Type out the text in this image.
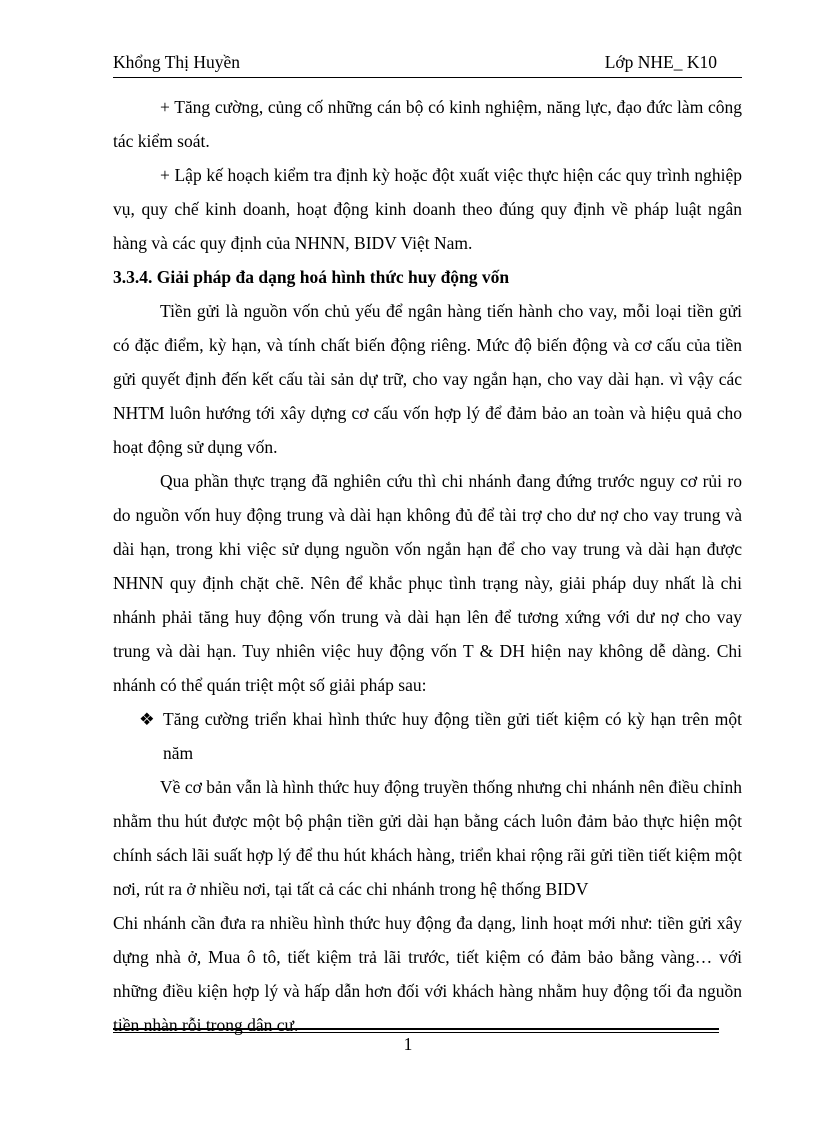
Khổng Thị Huyền	Lớp NHE_ K10

+ Tăng cường, củng cố những cán bộ có kinh nghiệm, năng lực, đạo đức làm công tác kiểm soát.

+ Lập kế hoạch kiểm tra định kỳ hoặc đột xuất việc thực hiện các quy trình nghiệp vụ, quy chế kinh doanh, hoạt động kinh doanh theo đúng quy định về pháp luật ngân hàng và các quy định của NHNN, BIDV Việt Nam.

3.3.4. Giải pháp đa dạng hoá hình thức huy động vốn

Tiền gửi là nguồn vốn chủ yếu để ngân hàng tiến hành cho vay, mỗi loại tiền gửi có đặc điểm, kỳ hạn, và tính chất biến động riêng. Mức độ biến động và cơ cấu của tiền gửi quyết định đến kết cấu tài sản dự trữ, cho vay ngắn hạn, cho vay dài hạn. vì vậy các NHTM luôn hướng tới xây dựng cơ cấu vốn hợp lý để đảm bảo an toàn và hiệu quả cho hoạt động sử dụng vốn.

Qua phần thực trạng đã nghiên cứu thì chi nhánh đang đứng trước nguy cơ rủi ro do nguồn vốn huy động trung và dài hạn không đủ để tài trợ cho dư nợ cho vay trung và dài hạn, trong khi việc sử dụng nguồn vốn ngắn hạn để cho vay trung và dài hạn được NHNN quy định chặt chẽ. Nên để khắc phục tình trạng này, giải pháp duy nhất là chi nhánh phải tăng huy động vốn trung và dài hạn lên để tương xứng với dư nợ cho vay trung và dài hạn. Tuy nhiên việc huy động vốn T & DH hiện nay không dễ dàng. Chi nhánh có thể quán triệt một số giải pháp sau:

❖ Tăng cường triển khai hình thức huy động tiền gửi tiết kiệm có kỳ hạn trên một năm

Về cơ bản vẫn là hình thức huy động truyền thống nhưng chi nhánh nên điều chỉnh nhằm thu hút được một bộ phận tiền gửi dài hạn bằng cách luôn đảm bảo thực hiện một chính sách lãi suất hợp lý để thu hút khách hàng, triển khai rộng rãi gửi tiền tiết kiệm một nơi, rút ra ở nhiều nơi, tại tất cả các chi nhánh trong hệ thống BIDV

Chi nhánh cần đưa ra nhiều hình thức huy động đa dạng, linh hoạt mới như: tiền gửi xây dựng nhà ở, Mua ô tô, tiết kiệm trả lãi trước, tiết kiệm có đảm bảo bằng vàng… với những điều kiện hợp lý và hấp dẫn hơn đối với khách hàng nhằm huy động tối đa nguồn tiền nhàn rỗi trong dân cư.

1
